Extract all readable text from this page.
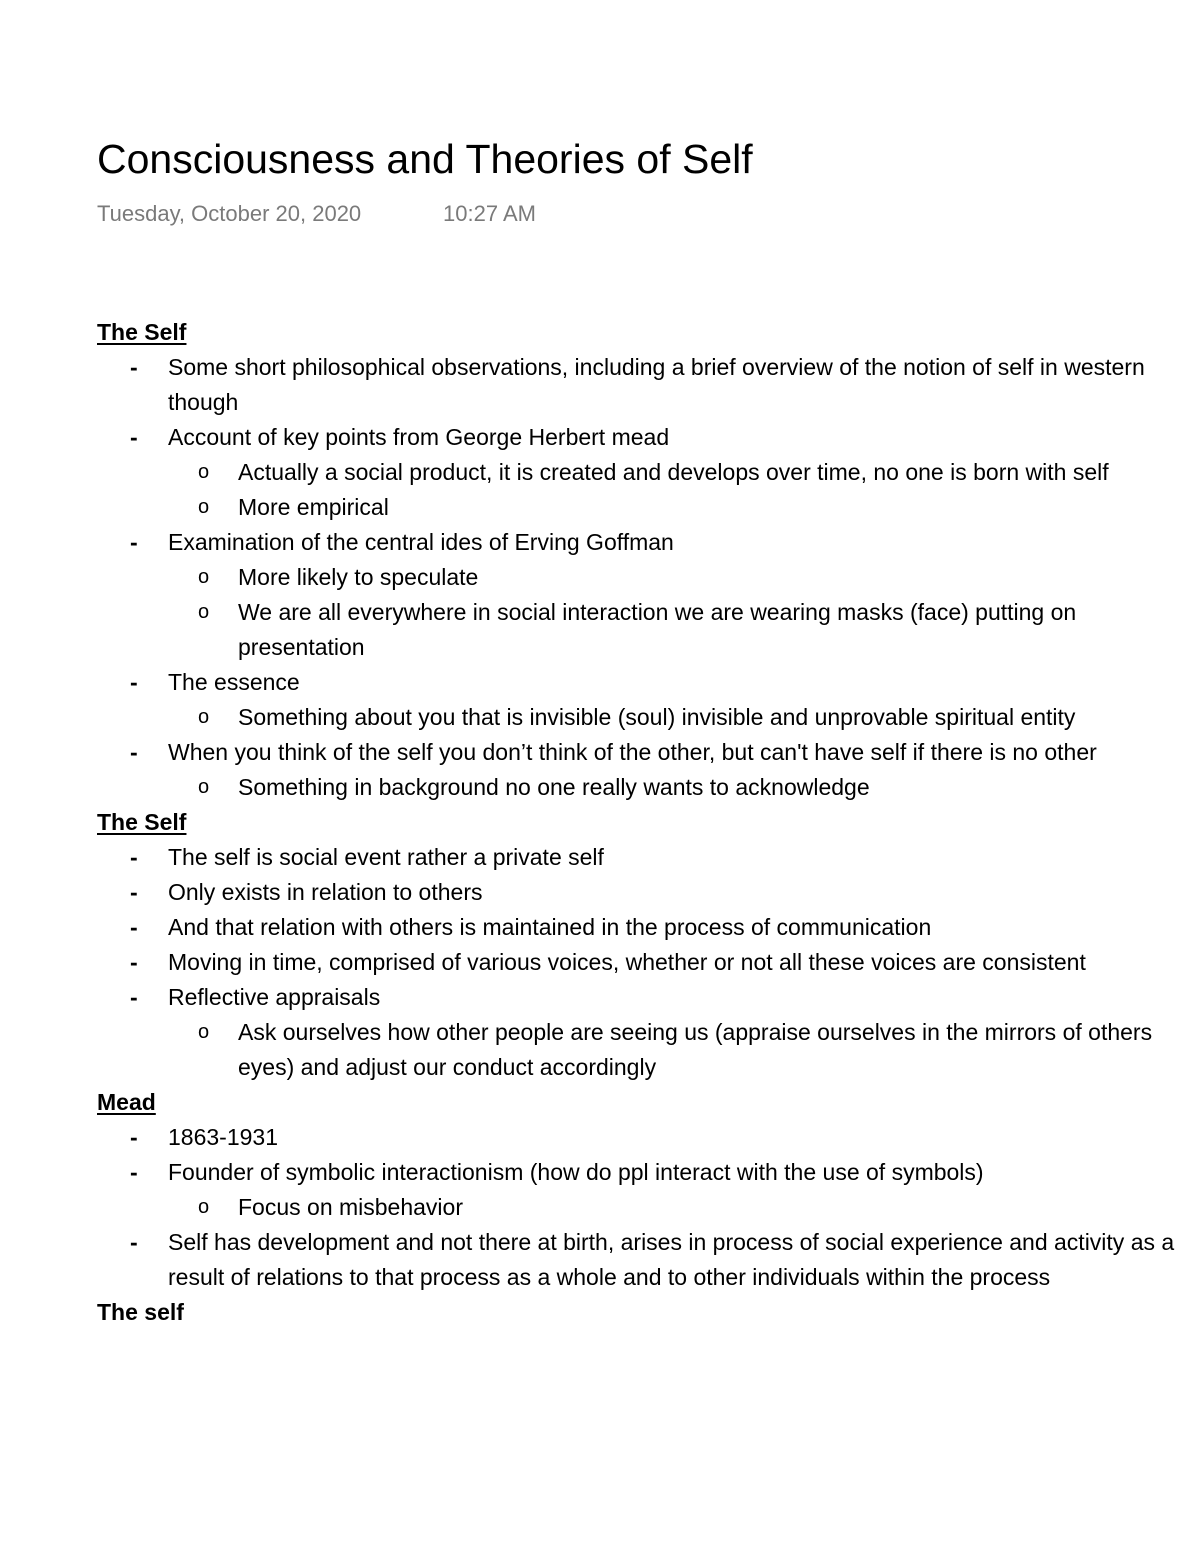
Consciousness and Theories of Self
Tuesday, October 20, 2020	10:27 AM
The Self
- Some short philosophical observations, including a brief overview of the notion of self in western though
- Account of key points from George Herbert mead
o Actually a social product, it is created and develops over time, no one is born with self
o More empirical
- Examination of the central ides of Erving Goffman
o More likely to speculate
o We are all everywhere in social interaction we are wearing masks (face) putting on presentation
- The essence
o Something about you that is invisible (soul) invisible and unprovable spiritual entity
- When you think of the self you don’t think of the other, but can't have self if there is no other
o Something in background no one really wants to acknowledge
The Self
- The self is social event rather a private self
- Only exists in relation to others
- And that relation with others is maintained in the process of communication
- Moving in time, comprised of various voices, whether or not all these voices are consistent
- Reflective appraisals
o Ask ourselves how other people are seeing us (appraise ourselves in the mirrors of others eyes) and adjust our conduct accordingly
Mead
- 1863-1931
- Founder of symbolic interactionism (how do ppl interact with the use of symbols)
o Focus on misbehavior
- Self has development and not there at birth, arises in process of social experience and activity as a result of relations to that process as a whole and to other individuals within the process
The self
